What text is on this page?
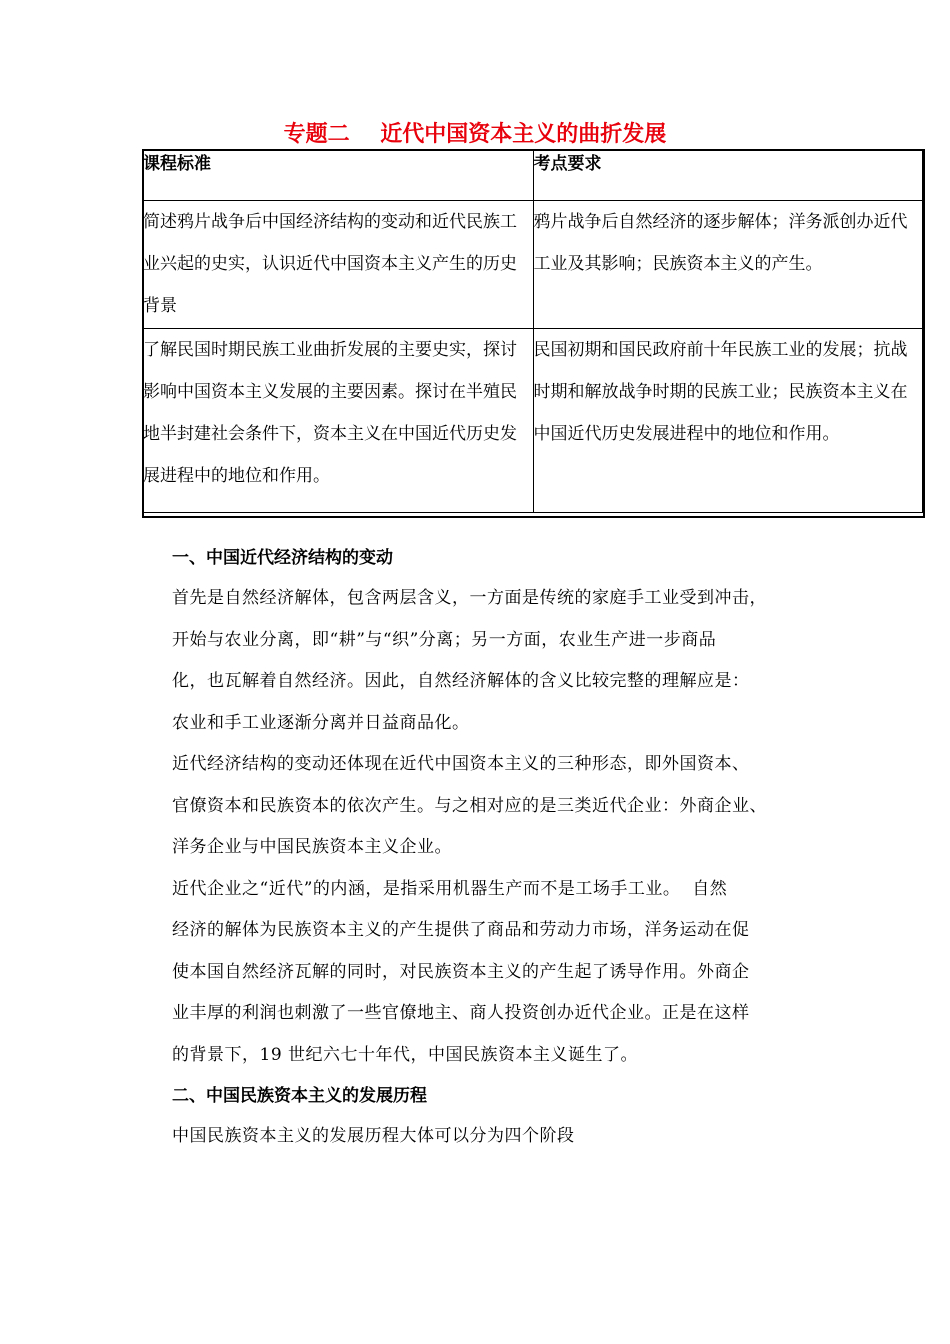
专题二    近代中国资本主义的曲折发展
课程标准	考点要求
简述鸦片战争后中国经济结构的变动和近代民族工业兴起的史实，认识近代中国资本主义产生的历史背景	鸦片战争后自然经济的逐步解体；洋务派创办近代工业及其影响；民族资本主义的产生。
了解民国时期民族工业曲折发展的主要史实，探讨影响中国资本主义发展的主要因素。探讨在半殖民地半封建社会条件下，资本主义在中国近代历史发展进程中的地位和作用。	民国初期和国民政府前十年民族工业的发展；抗战时期和解放战争时期的民族工业；民族资本主义在中国近代历史发展进程中的地位和作用。
一、中国近代经济结构的变动

首先是自然经济解体，包含两层含义，一方面是传统的家庭手工业受到冲击，
开始与农业分离，即“耕”与“织”分离；另一方面，农业生产进一步商品
化，也瓦解着自然经济。因此，自然经济解体的含义比较完整的理解应是：
农业和手工业逐渐分离并日益商品化。

近代经济结构的变动还体现在近代中国资本主义的三种形态，即外国资本、
官僚资本和民族资本的依次产生。与之相对应的是三类近代企业：外商企业、
洋务企业与中国民族资本主义企业。

近代企业之“近代”的内涵，是指采用机器生产而不是工场手工业。  自然
经济的解体为民族资本主义的产生提供了商品和劳动力市场，洋务运动在促
使本国自然经济瓦解的同时，对民族资本主义的产生起了诱导作用。外商企
业丰厚的利润也刺激了一些官僚地主、商人投资创办近代企业。正是在这样
的背景下，19 世纪六七十年代，中国民族资本主义诞生了。

二、中国民族资本主义的发展历程

中国民族资本主义的发展历程大体可以分为四个阶段
